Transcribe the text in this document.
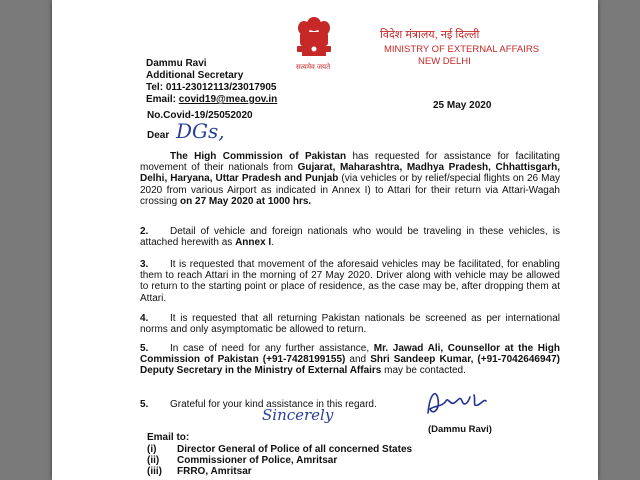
सत्यमेव जयते
विदेश मंत्रालय, नई दिल्ली
MINISTRY OF EXTERNAL AFFAIRS
NEW DELHI
Dammu Ravi
Additional Secretary
Tel: 011-23012113/23017905
Email: covid19@mea.gov.in
25 May 2020
No.Covid-19/25052020
Dear DGs,
The High Commission of Pakistan has requested for assistance for facilitating movement of their nationals from Gujarat, Maharashtra, Madhya Pradesh, Chhattisgarh, Delhi, Haryana, Uttar Pradesh and Punjab (via vehicles or by relief/special flights on 26 May 2020 from various Airport as indicated in Annex I) to Attari for their return via Attari-Wagah crossing on 27 May 2020 at 1000 hrs.
2.	Detail of vehicle and foreign nationals who would be traveling in these vehicles, is attached herewith as Annex I.
3.	It is requested that movement of the aforesaid vehicles may be facilitated, for enabling them to reach Attari in the morning of 27 May 2020. Driver along with vehicle may be allowed to return to the starting point or place of residence, as the case may be, after dropping them at Attari.
4.	It is requested that all returning Pakistan nationals be screened as per international norms and only asymptomatic be allowed to return.
5.	In case of need for any further assistance, Mr. Jawad Ali, Counsellor at the High Commission of Pakistan (+91-7428199155) and Shri Sandeep Kumar, (+91-7042646947) Deputy Secretary in the Ministry of External Affairs may be contacted.
5.	Grateful for your kind assistance in this regard.
Sincerely
(Dammu Ravi)
Email to:
(i) Director General of Police of all concerned States
(ii) Commissioner of Police, Amritsar
(iii) FRRO, Amritsar
